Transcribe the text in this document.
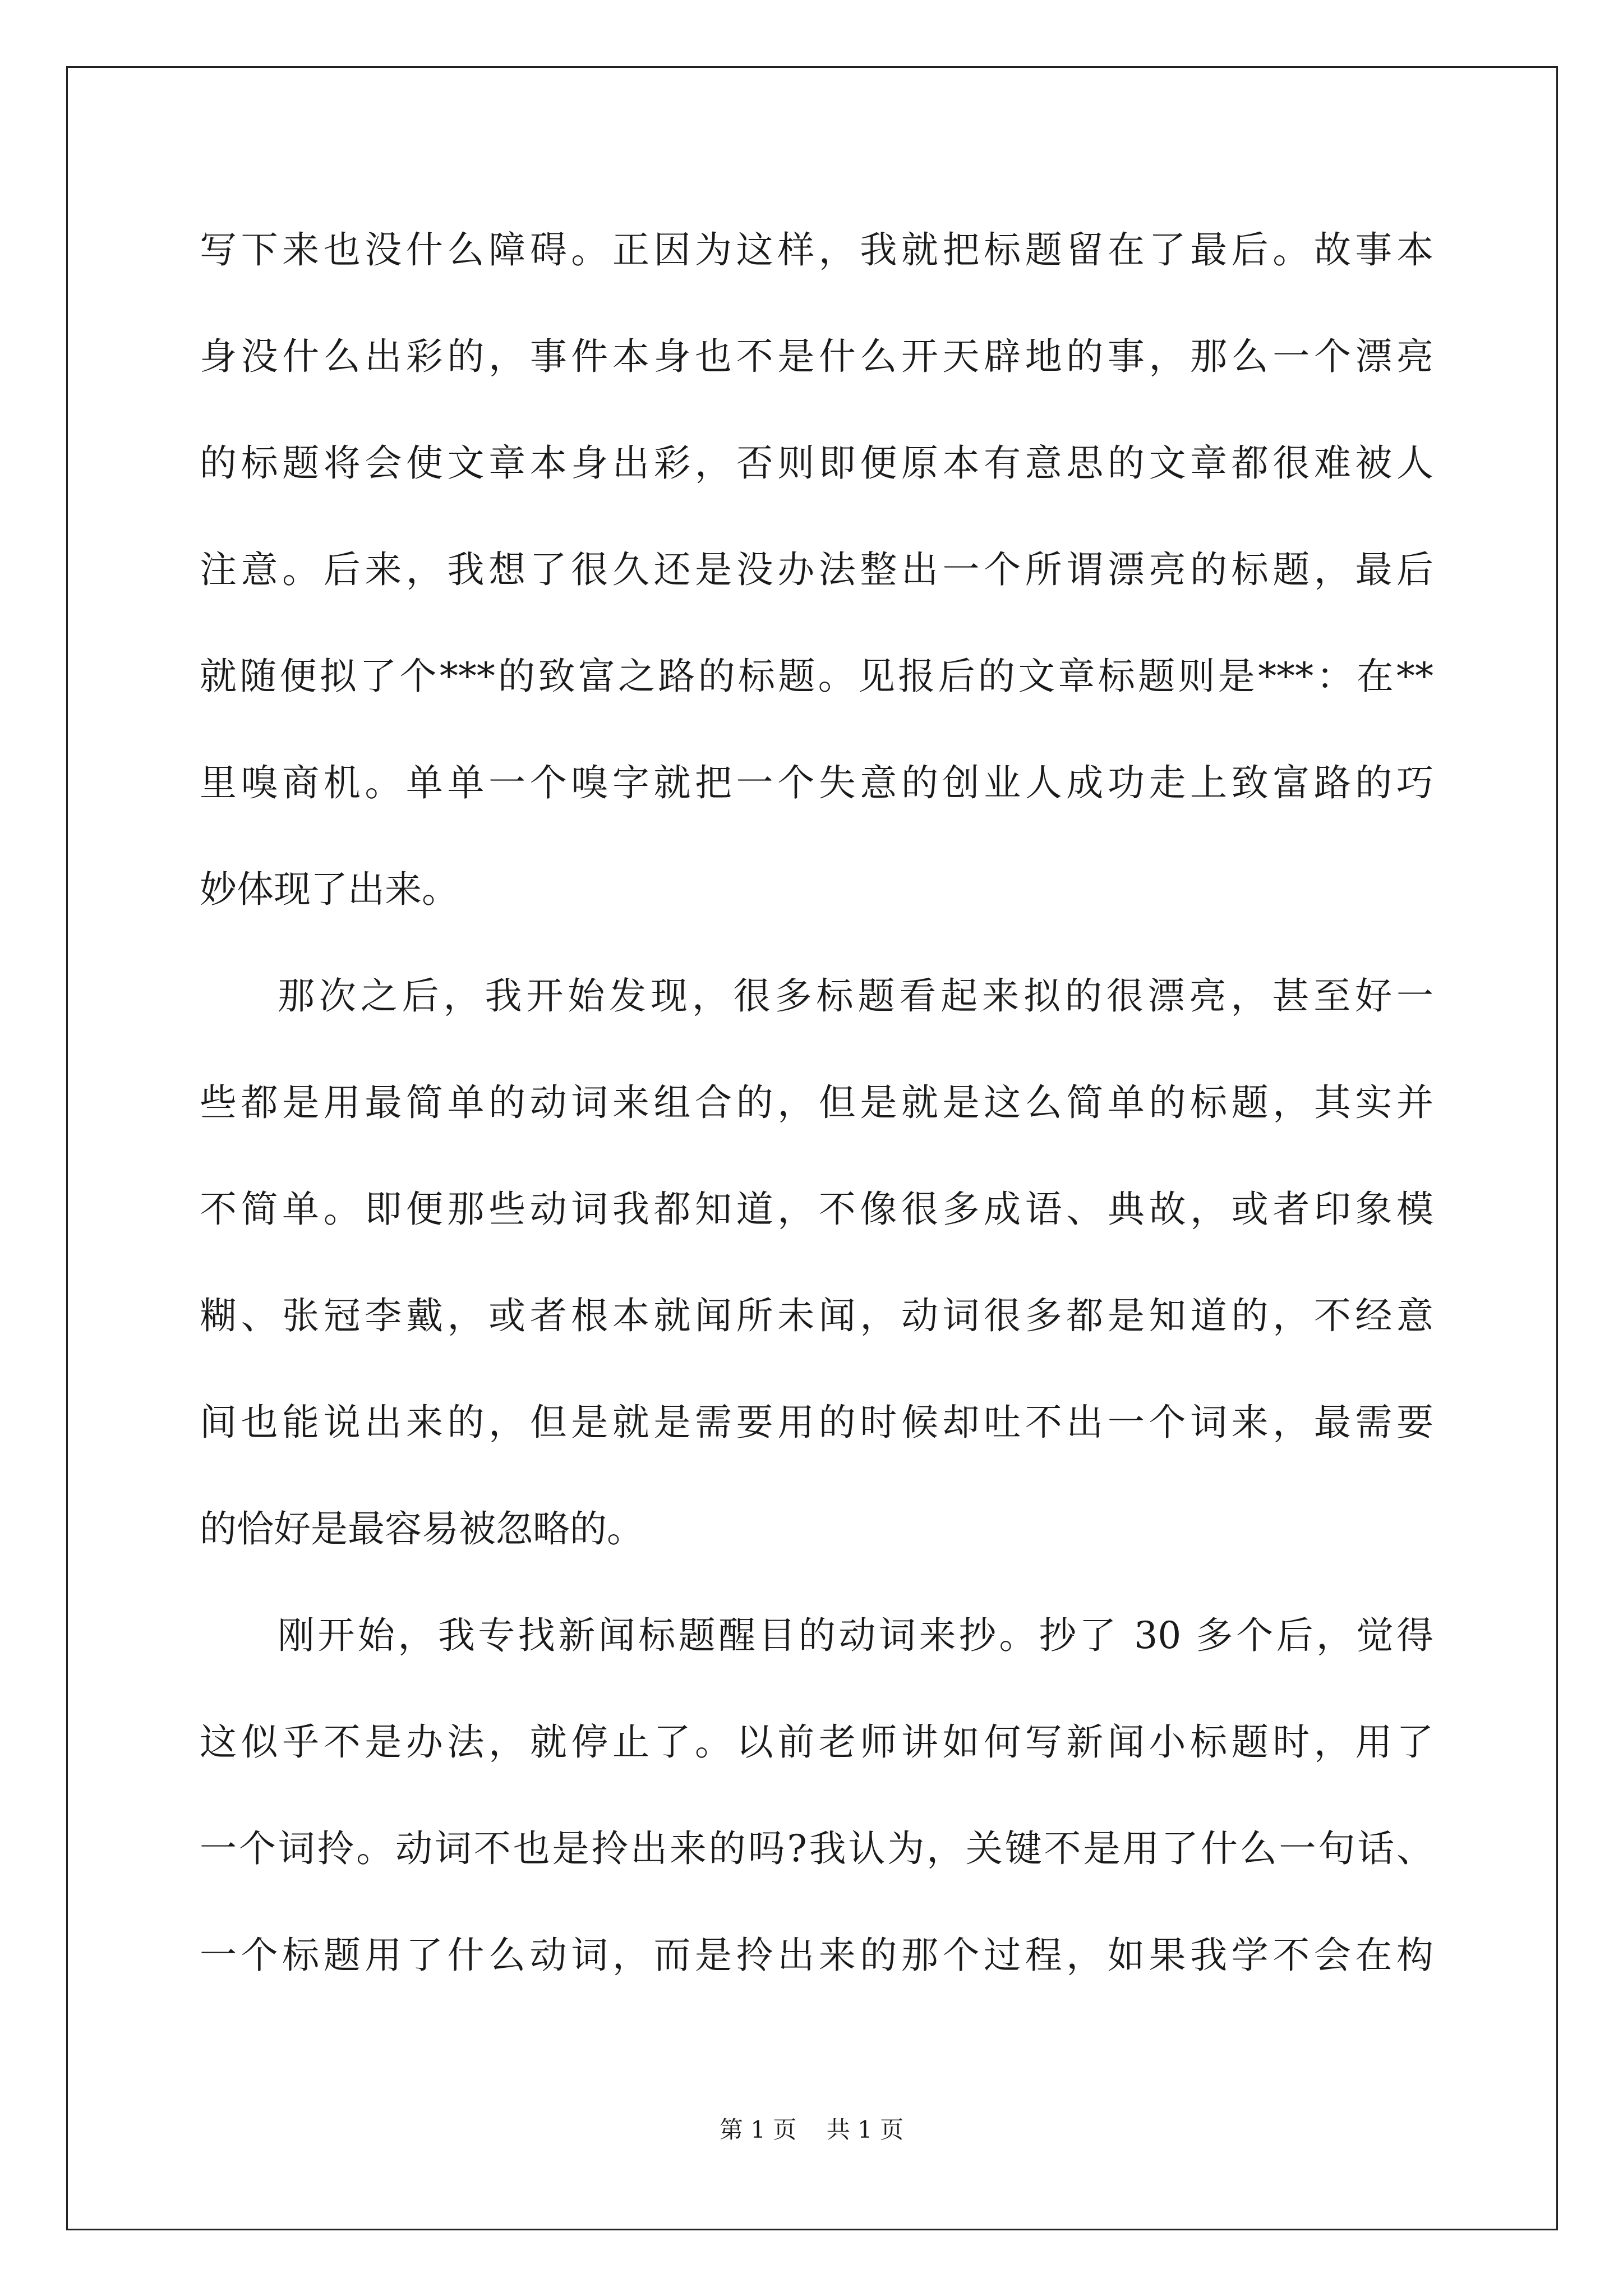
写下来也没什么障碍。正因为这样，我就把标题留在了最后。故事本
身没什么出彩的，事件本身也不是什么开天辟地的事，那么一个漂亮
的标题将会使文章本身出彩，否则即便原本有意思的文章都很难被人
注意。后来，我想了很久还是没办法整出一个所谓漂亮的标题，最后
就随便拟了个***的致富之路的标题。见报后的文章标题则是***：在**
里嗅商机。单单一个嗅字就把一个失意的创业人成功走上致富路的巧
妙体现了出来。
那次之后，我开始发现，很多标题看起来拟的很漂亮，甚至好一
些都是用最简单的动词来组合的，但是就是这么简单的标题，其实并
不简单。即便那些动词我都知道，不像很多成语、典故，或者印象模
糊、张冠李戴，或者根本就闻所未闻，动词很多都是知道的，不经意
间也能说出来的，但是就是需要用的时候却吐不出一个词来，最需要
的恰好是最容易被忽略的。
刚开始，我专找新闻标题醒目的动词来抄。抄了 30 多个后，觉得
这似乎不是办法，就停止了。以前老师讲如何写新闻小标题时，用了
一个词拎。动词不也是拎出来的吗?我认为，关键不是用了什么一句话、
一个标题用了什么动词，而是拎出来的那个过程，如果我学不会在构
第 1 页    共 1 页
